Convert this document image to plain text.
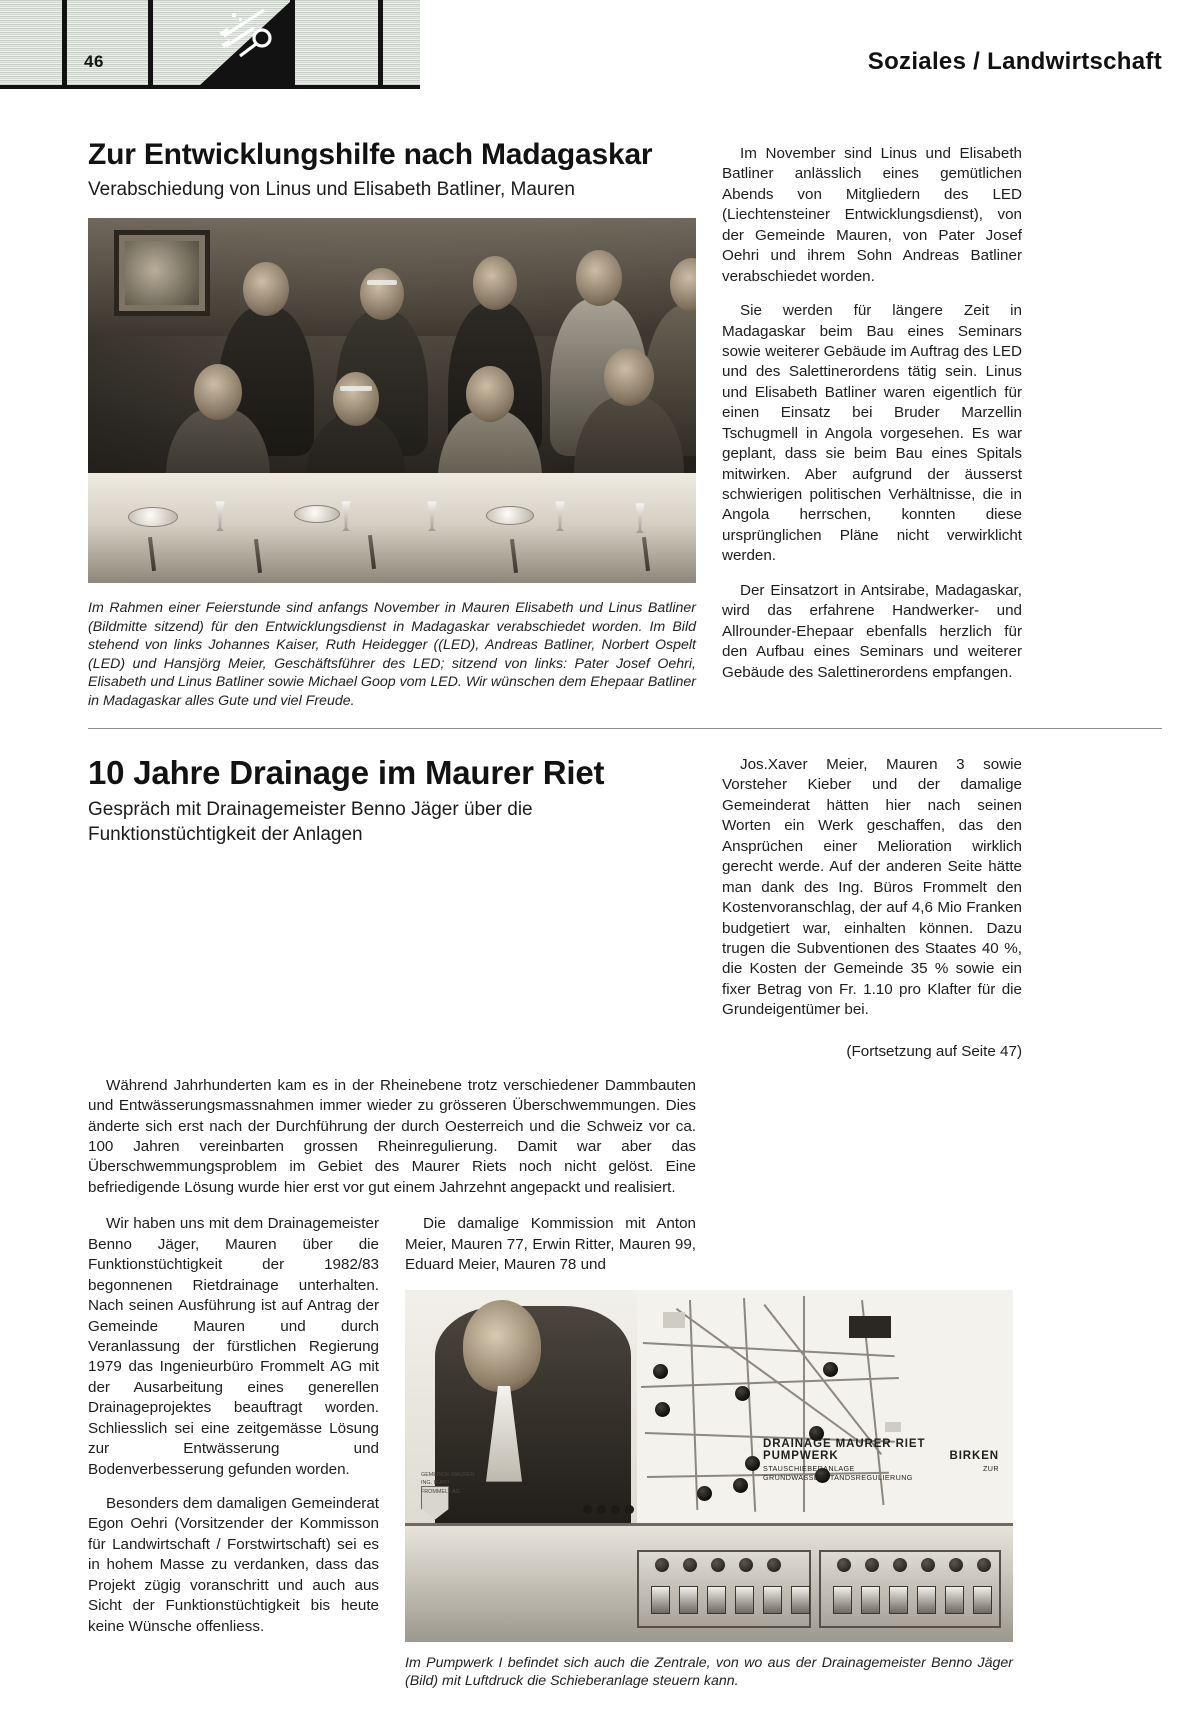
46	Soziales / Landwirtschaft
Zur Entwicklungshilfe nach Madagaskar
Verabschiedung von Linus und Elisabeth Batliner, Mauren

Im Rahmen einer Feierstunde sind anfangs November in Mauren Elisabeth und Linus Batliner (Bildmitte sitzend) für den Entwicklungsdienst in Madagaskar verabschiedet worden. Im Bild stehend von links Johannes Kaiser, Ruth Heidegger ((LED), Andreas Batliner, Norbert Ospelt (LED) und Hansjörg Meier, Geschäftsführer des LED; sitzend von links: Pater Josef Oehri, Elisabeth und Linus Batliner sowie Michael Goop vom LED. Wir wünschen dem Ehepaar Batliner in Madagaskar alles Gute und viel Freude.

Im November sind Linus und Elisabeth Batliner anlässlich eines gemütlichen Abends von Mitgliedern des LED (Liechtensteiner Entwicklungsdienst), von der Gemeinde Mauren, von Pater Josef Oehri und ihrem Sohn Andreas Batliner verabschiedet worden.

Sie werden für längere Zeit in Madagaskar beim Bau eines Seminars sowie weiterer Gebäude im Auftrag des LED und des Salettinerordens tätig sein. Linus und Elisabeth Batliner waren eigentlich für einen Einsatz bei Bruder Marzellin Tschugmell in Angola vorgesehen. Es war geplant, dass sie beim Bau eines Spitals mitwirken. Aber aufgrund der äusserst schwierigen politischen Verhältnisse, die in Angola herrschen, konnten diese ursprünglichen Pläne nicht verwirklicht werden.

Der Einsatzort in Antsirabe, Madagaskar, wird das erfahrene Handwerker- und Allrounder-Ehepaar ebenfalls herzlich für den Aufbau eines Seminars und weiterer Gebäude des Salettinerordens empfangen.

10 Jahre Drainage im Maurer Riet
Gespräch mit Drainagemeister Benno Jäger über die Funktionstüchtigkeit der Anlagen

Jos.Xaver Meier, Mauren 3 sowie Vorsteher Kieber und der damalige Gemeinderat hätten hier nach seinen Worten ein Werk geschaffen, das den Ansprüchen einer Melioration wirklich gerecht werde. Auf der anderen Seite hätte man dank des Ing. Büros Frommelt den Kostenvoranschlag, der auf 4,6 Mio Franken budgetiert war, einhalten können. Dazu trugen die Subventionen des Staates 40 %, die Kosten der Gemeinde 35 % sowie ein fixer Betrag von Fr. 1.10 pro Klafter für die Grundeigentümer bei.

(Fortsetzung auf Seite 47)

Während Jahrhunderten kam es in der Rheinebene trotz verschiedener Dammbauten und Entwässerungsmassnahmen immer wieder zu grösseren Überschwemmungen. Dies änderte sich erst nach der Durchführung der durch Oesterreich und die Schweiz vor ca. 100 Jahren vereinbarten grossen Rheinregulierung. Damit war aber das Überschwemmungsproblem im Gebiet des Maurer Riets noch nicht gelöst. Eine befriedigende Lösung wurde hier erst vor gut einem Jahrzehnt angepackt und realisiert.

Wir haben uns mit dem Drainagemeister Benno Jäger, Mauren über die Funktionstüchtigkeit der 1982/83 begonnenen Rietdrainage unterhalten. Nach seinen Ausführung ist auf Antrag der Gemeinde Mauren und durch Veranlassung der fürstlichen Regierung 1979 das Ingenieurbüro Frommelt AG mit der Ausarbeitung eines generellen Drainageprojektes beauftragt worden. Schliesslich sei eine zeitgemässe Lösung zur Entwässerung und Bodenverbesserung gefunden worden.

Besonders dem damaligen Gemeinderat Egon Oehri (Vorsitzender der Kommisson für Landwirtschaft / Forstwirtschaft) sei es in hohem Masse zu verdanken, dass das Projekt zügig voranschritt und auch aus Sicht der Funktionstüchtigkeit bis heute keine Wünsche offenliess.

Die damalige Kommission mit Anton Meier, Mauren 77, Erwin Ritter, Mauren 99, Eduard Meier, Mauren 78 und

GEMEINDE MAUREN
ING. BÜRO
FROMMELT AG
DRAINAGE MAURER RIET
PUMPWERK	BIRKEN
STAUSCHIEBERANLAGE	ZUR
GRUNDWASSERSTANDSREGULIERUNG

Im Pumpwerk I befindet sich auch die Zentrale, von wo aus der Drainagemeister Benno Jäger (Bild) mit Luftdruck die Schieberanlage steuern kann.
